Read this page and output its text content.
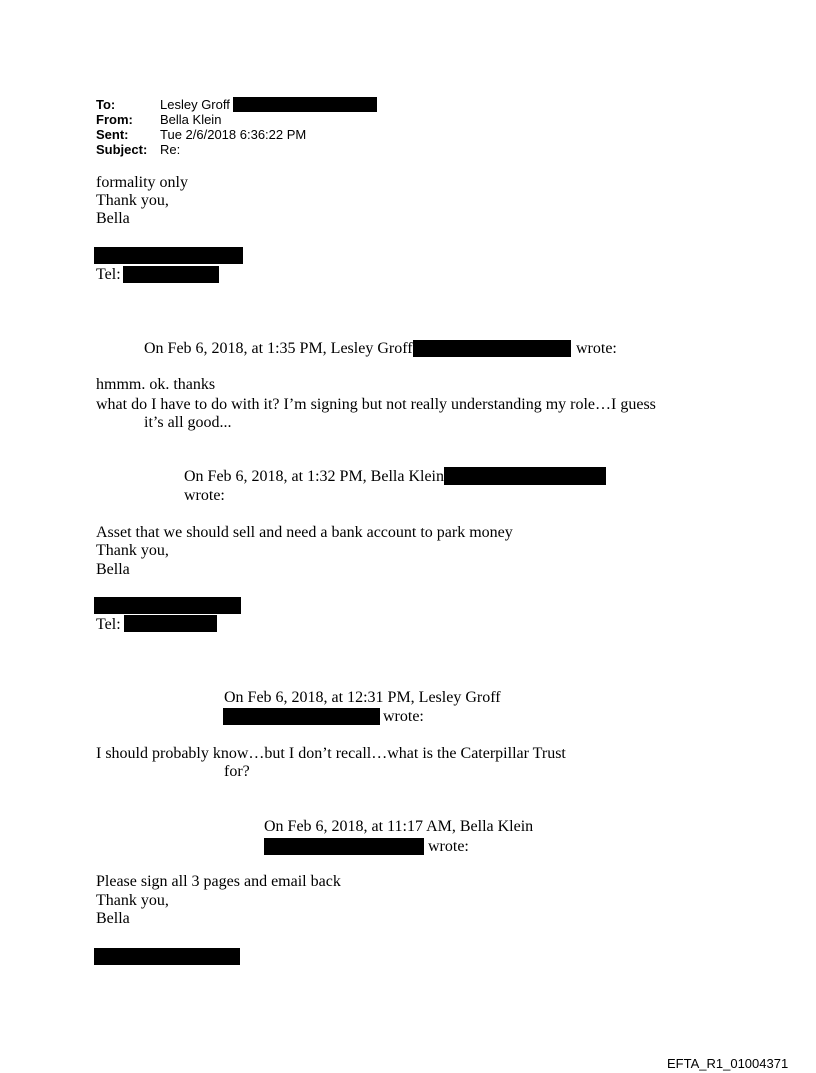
To:	Lesley Groff
From: Bella Klein
Sent: Tue 2/6/2018 6:36:22 PM
Subject: Re:
formality only
Thank you,
Bella
Tel:
On Feb 6, 2018, at 1:35 PM, Lesley Groff	wrote:
hmmm. ok. thanks
what do I have to do with it? I’m signing but not really understanding my role…I guess
it’s all good...
On Feb 6, 2018, at 1:32 PM, Bella Klein
wrote:
Asset that we should sell and need a bank account to park money
Thank you,
Bella
Tel:
On Feb 6, 2018, at 12:31 PM, Lesley Groff
wrote:
I should probably know…but I don’t recall…what is the Caterpillar Trust
for?
On Feb 6, 2018, at 11:17 AM, Bella Klein
wrote:
Please sign all 3 pages and email back
Thank you,
Bella
EFTA_R1_01004371
